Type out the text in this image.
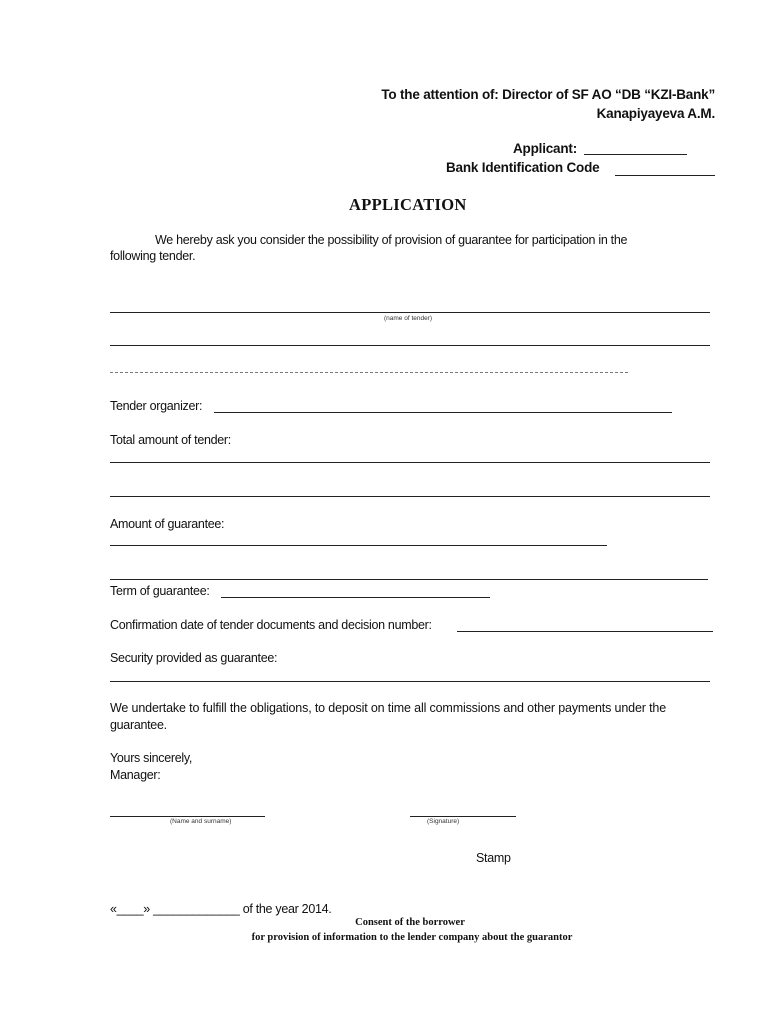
To the attention of: Director of SF AO “DB “KZI-Bank”
Kanapiyayeva A.M.
Applicant:
Bank Identification Code
APPLICATION
We hereby ask you consider the possibility of provision of guarantee for participation in the
following tender.
(name of tender)
Tender organizer:
Total amount of tender:
Amount of guarantee:
Term of guarantee:
Confirmation date of tender documents and decision number:
Security provided as guarantee:
We undertake to fulfill the obligations, to deposit on time all commissions and other payments under the
guarantee.
Yours sincerely,
Manager:
(Name and surname)	(Signature)
Stamp
«____» _____________ of the year 2014.
Consent of the borrower
for provision of information to the lender company about the guarantor
